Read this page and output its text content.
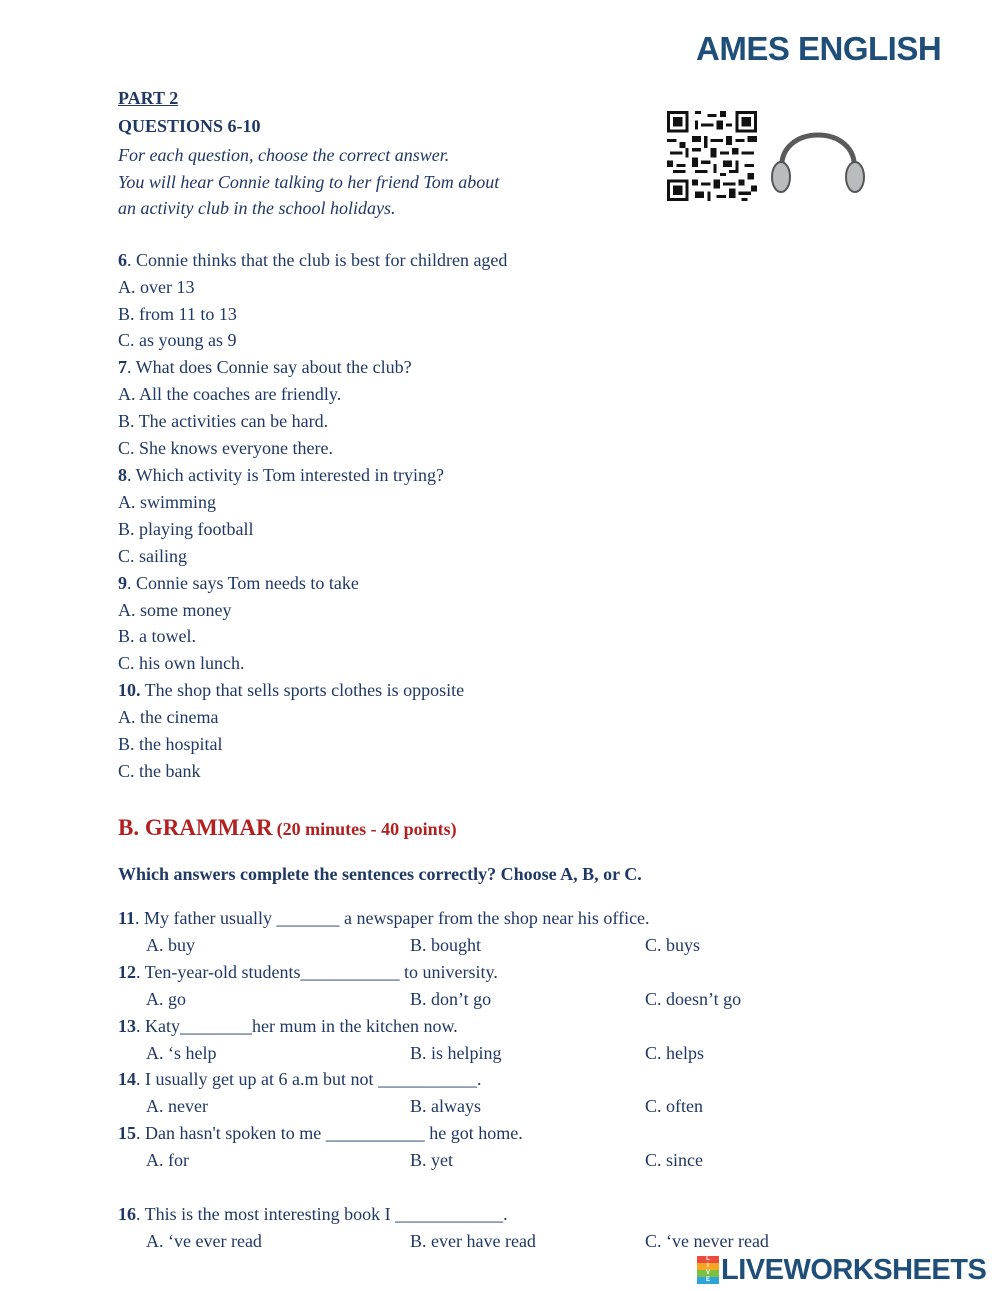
AMES ENGLISH
PART 2
QUESTIONS 6-10
For each question, choose the correct answer.
You will hear Connie talking to her friend Tom about
an activity club in the school holidays.
6. Connie thinks that the club is best for children aged
A. over 13
B. from 11 to 13
C. as young as 9
7. What does Connie say about the club?
A. All the coaches are friendly.
B. The activities can be hard.
C. She knows everyone there.
8. Which activity is Tom interested in trying?
A. swimming
B. playing football
C. sailing
9. Connie says Tom needs to take
A. some money
B. a towel.
C. his own lunch.
10. The shop that sells sports clothes is opposite
A. the cinema
B. the hospital
C. the bank
B. GRAMMAR (20 minutes - 40 points)
Which answers complete the sentences correctly? Choose A, B, or C.
11. My father usually _______ a newspaper from the shop near his office.
A. buy	B. bought	C. buys
12. Ten-year-old students___________ to university.
A. go	B. don’t go	C. doesn’t go
13. Katy________her mum in the kitchen now.
A. ‘s help	B. is helping	C. helps
14. I usually get up at 6 a.m but not ___________.
A. never	B. always	C. often
15. Dan hasn't spoken to me ___________ he got home.
A. for	B. yet	C. since
16. This is the most interesting book I ____________.
A. ‘ve ever read	B. ever have read	C. ‘ve never read
L
I
V
E LIVEWORKSHEETS
